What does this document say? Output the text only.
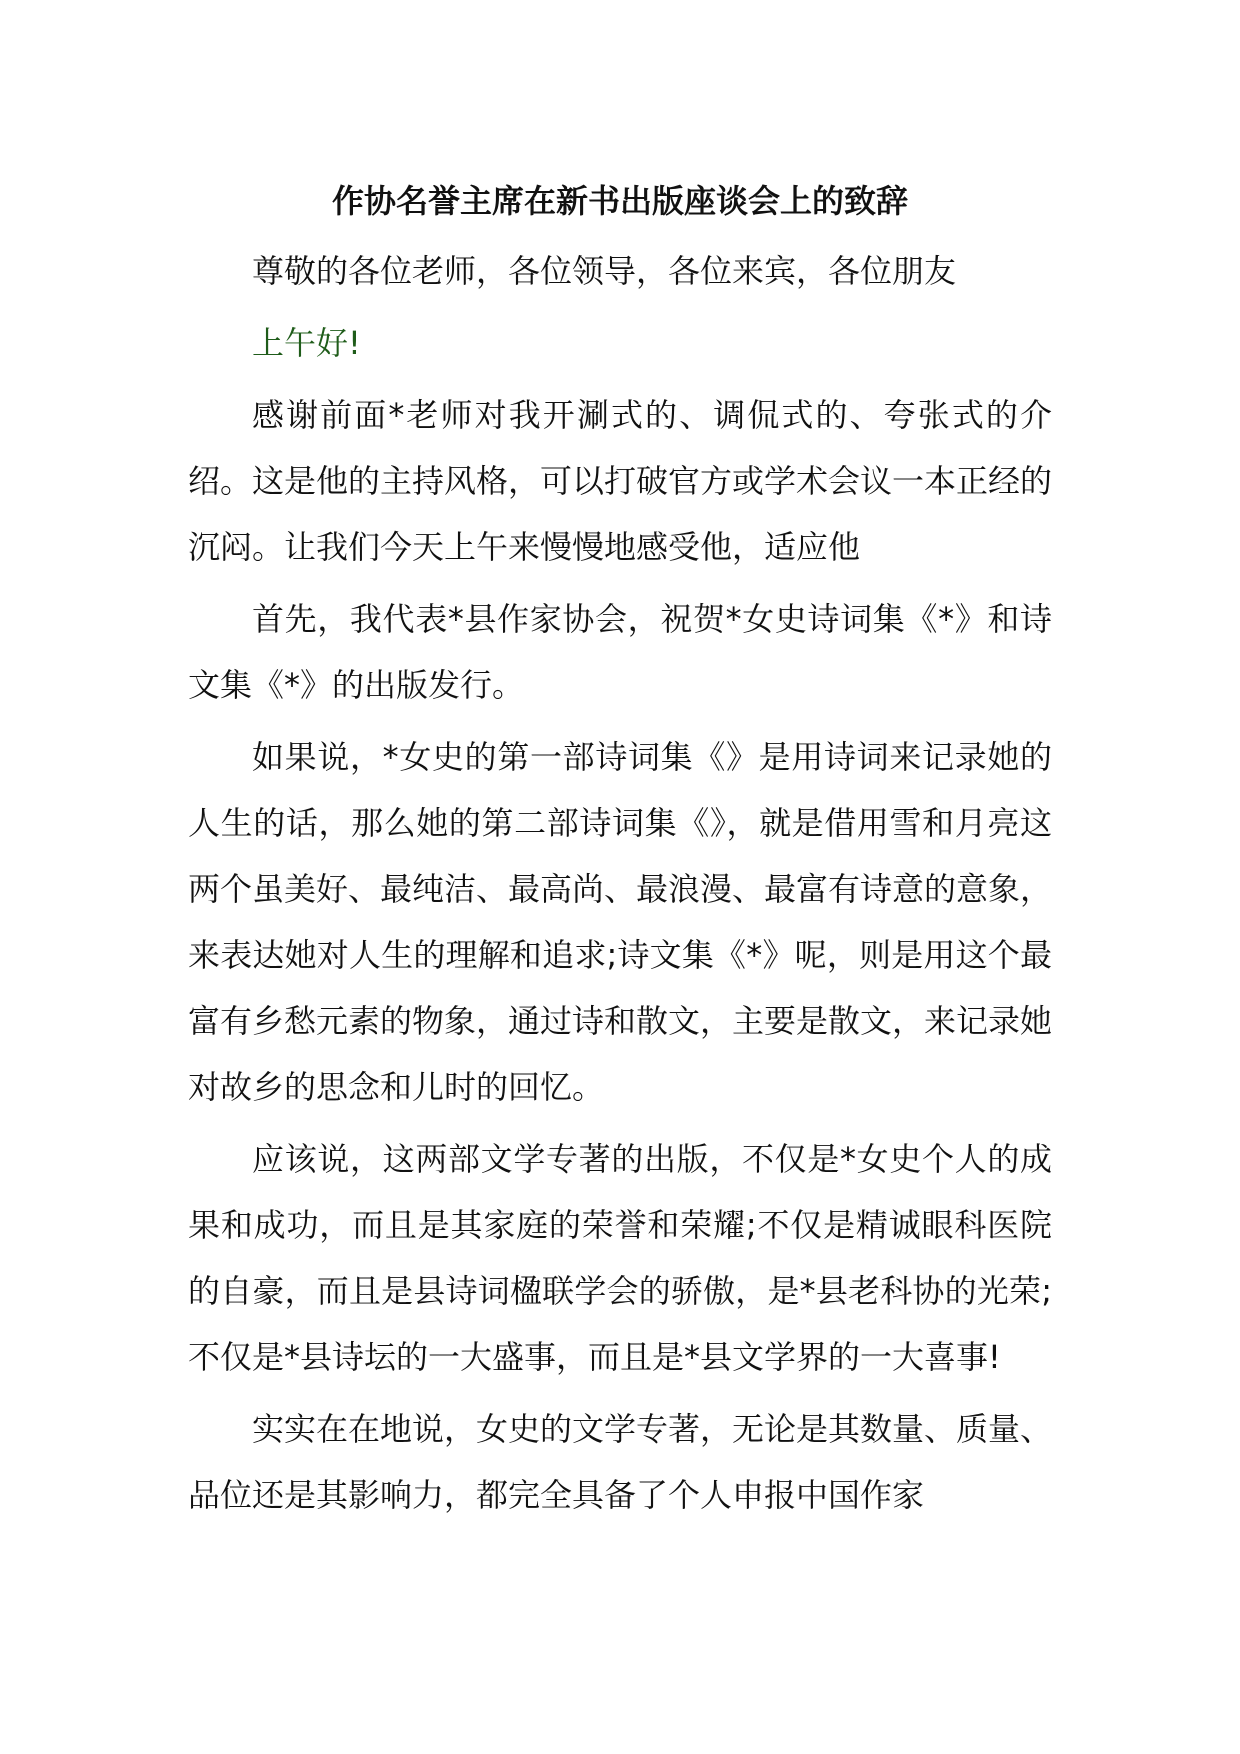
作协名誉主席在新书出版座谈会上的致辞

尊敬的各位老师，各位领导，各位来宾，各位朋友

上午好!

感谢前面*老师对我开涮式的、调侃式的、夸张式的介绍。这是他的主持风格，可以打破官方或学术会议一本正经的沉闷。让我们今天上午来慢慢地感受他，适应他

首先，我代表*县作家协会，祝贺*女史诗词集《*》和诗文集《*》的出版发行。

如果说，*女史的第一部诗词集《》是用诗词来记录她的人生的话，那么她的第二部诗词集《》，就是借用雪和月亮这两个虽美好、最纯洁、最高尚、最浪漫、最富有诗意的意象，来表达她对人生的理解和追求;诗文集《*》呢，则是用这个最富有乡愁元素的物象，通过诗和散文，主要是散文，来记录她对故乡的思念和儿时的回忆。

应该说，这两部文学专著的出版，不仅是*女史个人的成果和成功，而且是其家庭的荣誉和荣耀;不仅是精诚眼科医院的自豪，而且是县诗词楹联学会的骄傲，是*县老科协的光荣;不仅是*县诗坛的一大盛事，而且是*县文学界的一大喜事!

实实在在地说，女史的文学专著，无论是其数量、质量、品位还是其影响力，都完全具备了个人申报中国作家
